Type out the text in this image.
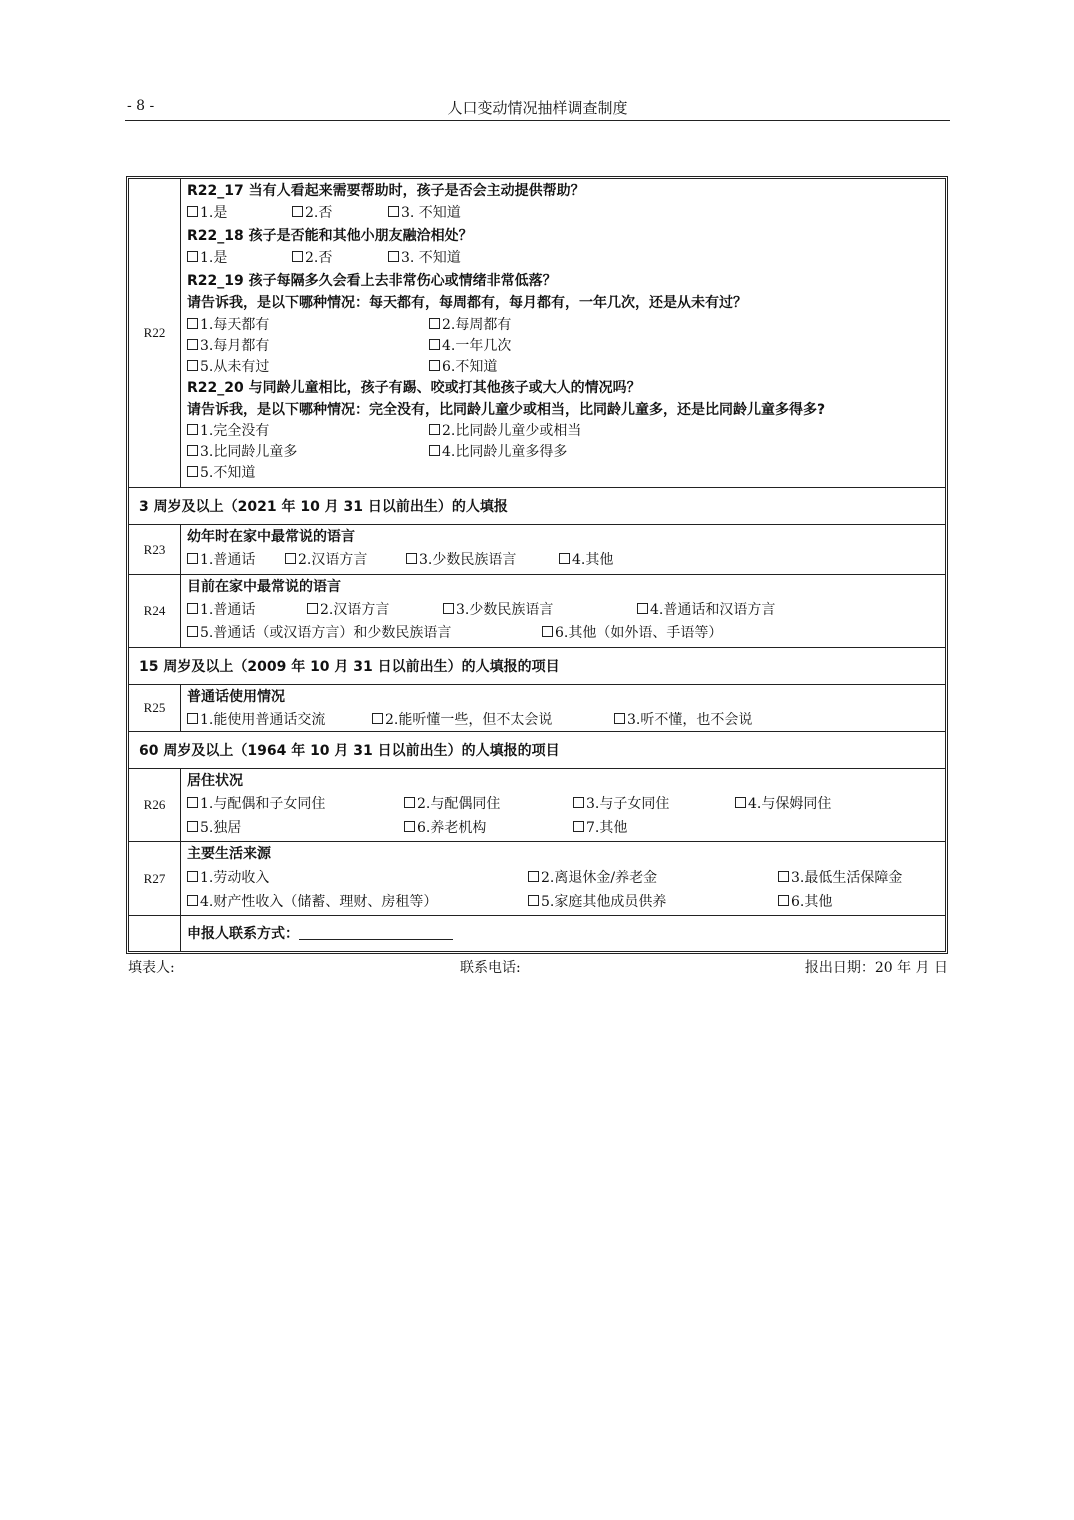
- 8 -	人口变动情况抽样调查制度
R22
R22_17 当有人看起来需要帮助时，孩子是否会主动提供帮助？
1.是	2.否	3. 不知道
R22_18 孩子是否能和其他小朋友融洽相处？
1.是	2.否	3. 不知道
R22_19 孩子每隔多久会看上去非常伤心或情绪非常低落？
请告诉我，是以下哪种情况：每天都有，每周都有，每月都有，一年几次，还是从未有过？
1.每天都有	2.每周都有
3.每月都有	4.一年几次
5.从未有过	6.不知道
R22_20 与同龄儿童相比，孩子有踢、咬或打其他孩子或大人的情况吗？
请告诉我，是以下哪种情况：完全没有，比同龄儿童少或相当，比同龄儿童多，还是比同龄儿童多得多?
1.完全没有	2.比同龄儿童少或相当
3.比同龄儿童多	4.比同龄儿童多得多
5.不知道
3 周岁及以上（2021 年 10 月 31 日以前出生）的人填报
R23
幼年时在家中最常说的语言
1.普通话	2.汉语方言	3.少数民族语言	4.其他
R24
目前在家中最常说的语言
1.普通话	2.汉语方言	3.少数民族语言	4.普通话和汉语方言
5.普通话（或汉语方言）和少数民族语言	6.其他（如外语、手语等）
15 周岁及以上（2009 年 10 月 31 日以前出生）的人填报的项目
R25
普通话使用情况
1.能使用普通话交流	2.能听懂一些，但不太会说	3.听不懂，也不会说
60 周岁及以上（1964 年 10 月 31 日以前出生）的人填报的项目
R26
居住状况
1.与配偶和子女同住	2.与配偶同住	3.与子女同住	4.与保姆同住
5.独居	6.养老机构	7.其他
R27
主要生活来源
1.劳动收入	2.离退休金/养老金	3.最低生活保障金
4.财产性收入（储蓄、理财、房租等）	5.家庭其他成员供养	6.其他
申报人联系方式：
填表人:	联系电话:	报出日期：20 年 月 日
